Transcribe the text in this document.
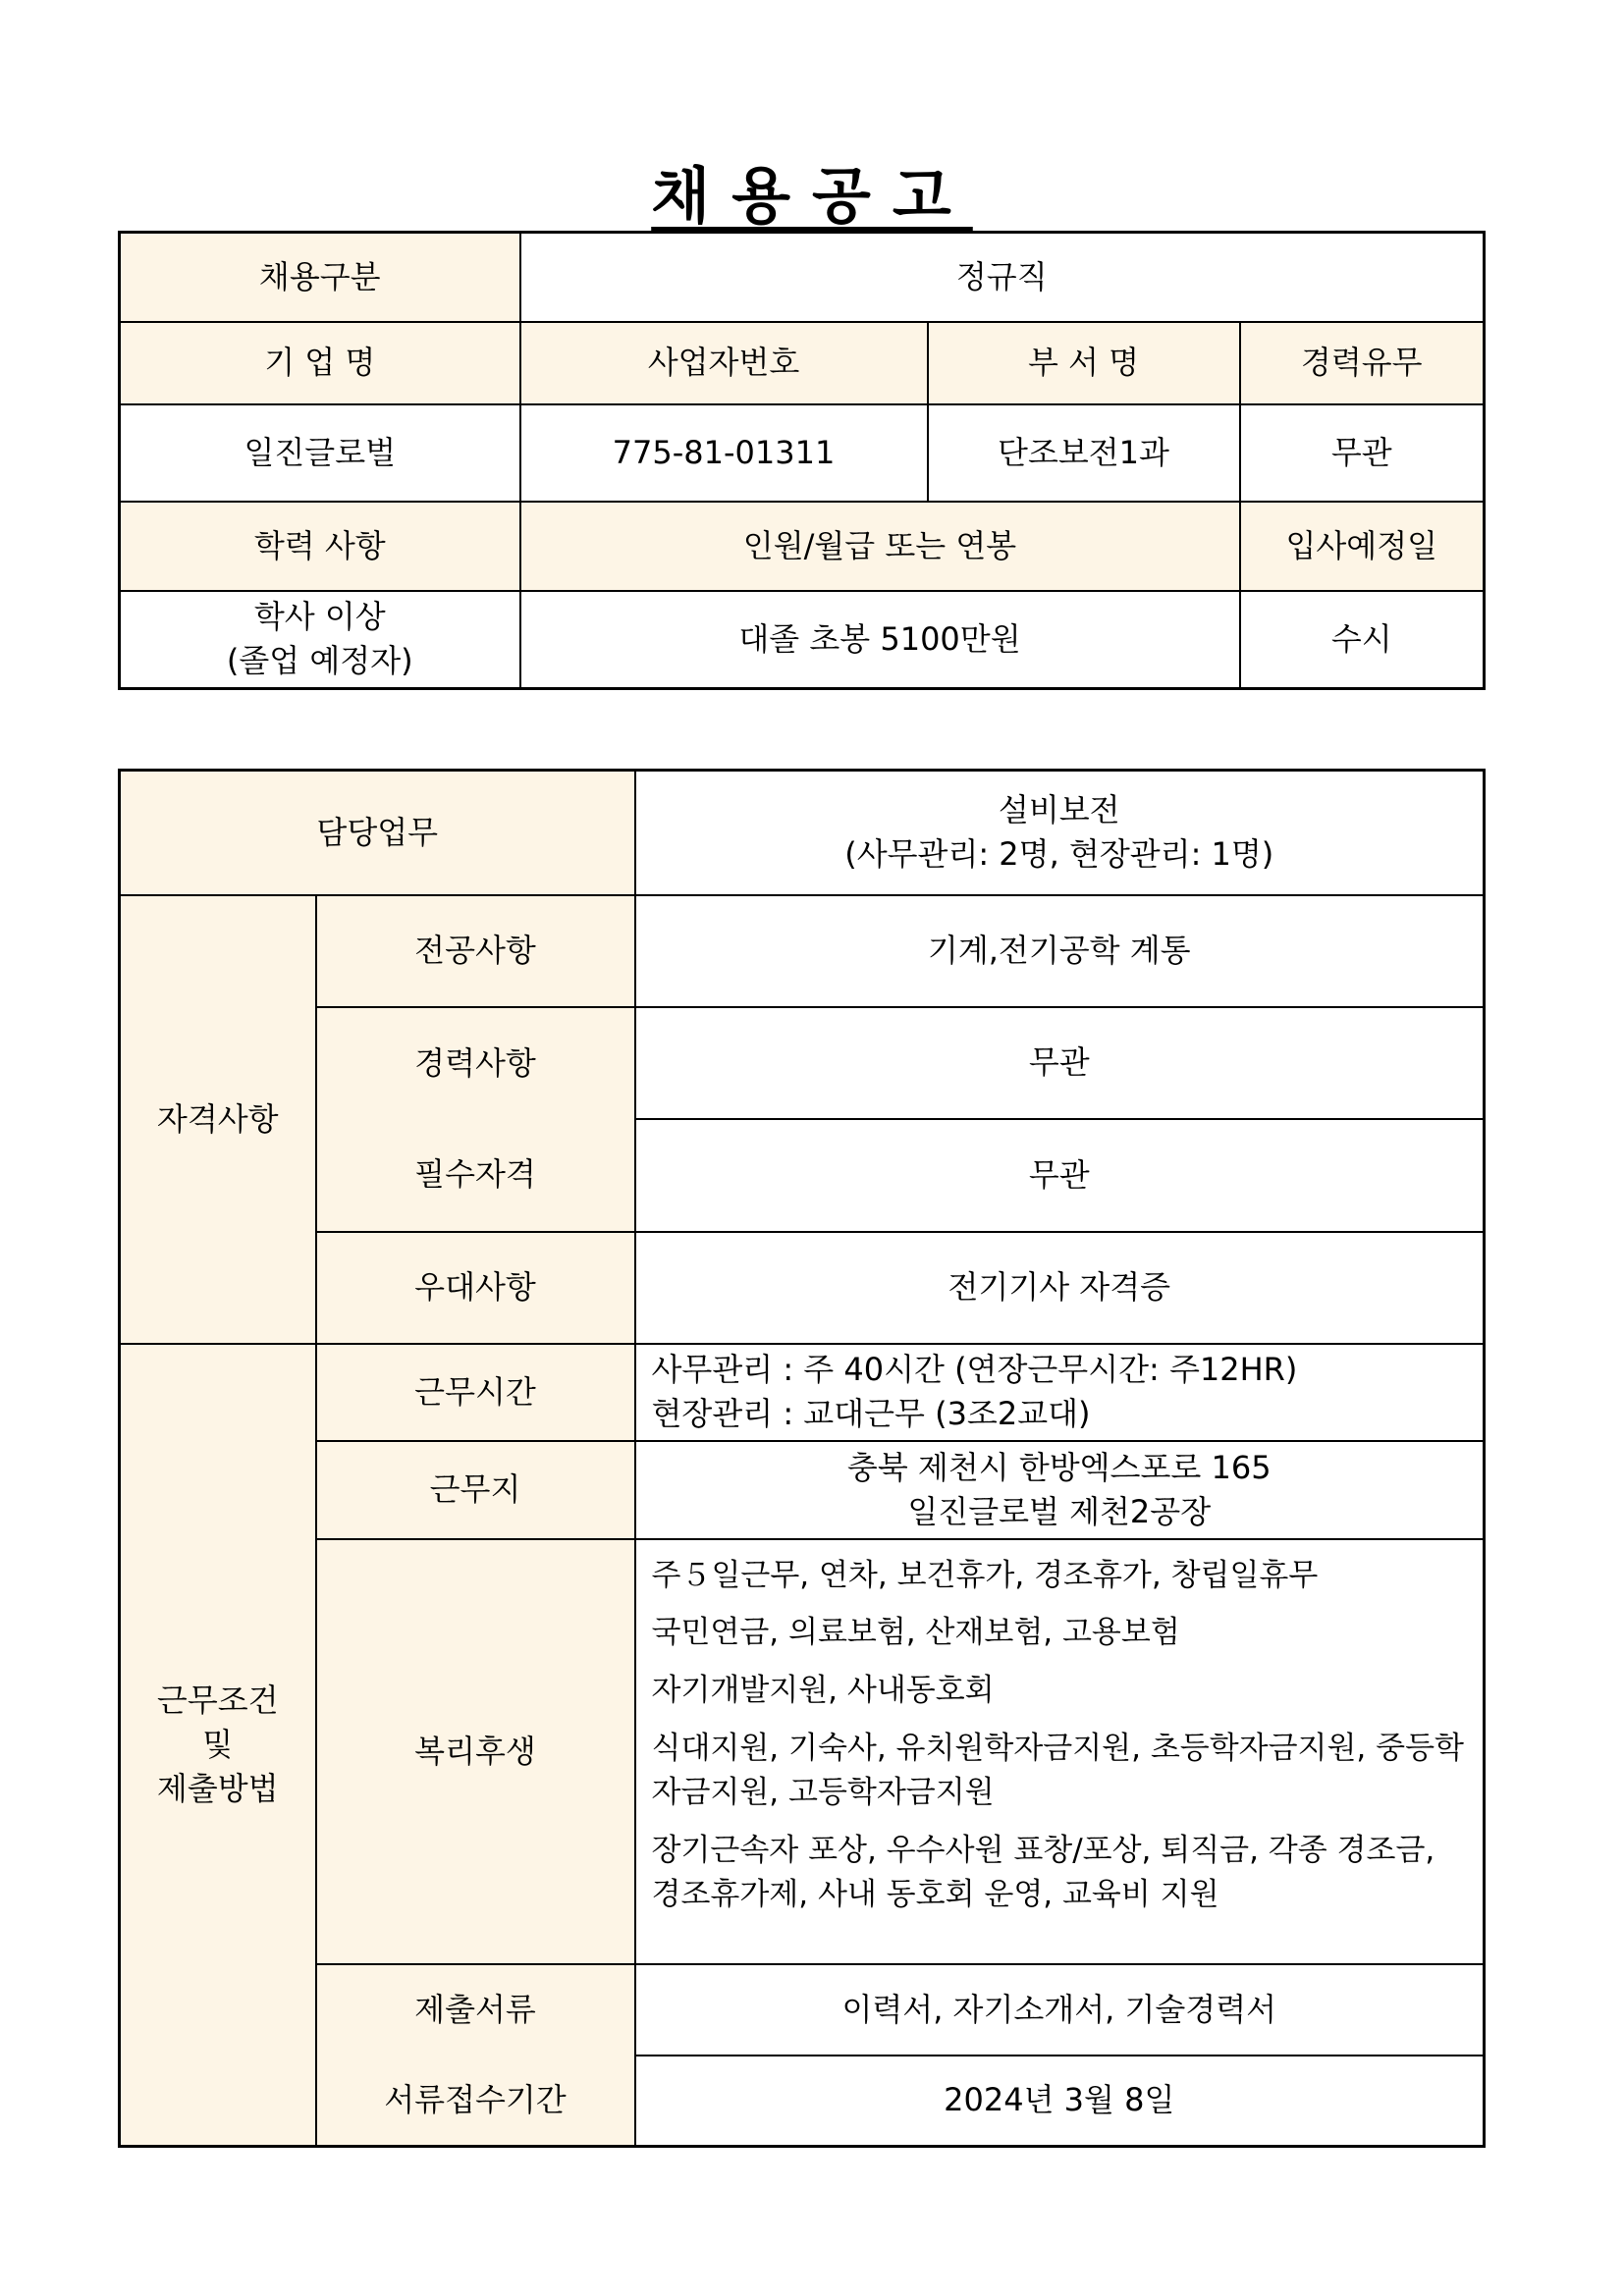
채용공고
채용구분	정규직		
기 업 명	사업자번호	부 서 명	경력유무
일진글로벌	775-81-01311	단조보전1과	무관
학력 사항	인원/월급 또는 연봉		입사예정일

학사 이상
(졸업 예정자)	대졸 초봉 5100만원		수시
담당업무		설비보전
(사무관리: 2명, 현장관리: 1명)

자격사항	전공사항	기계,전기공학 계통
	경력사항	무관
	필수자격	무관
	우대사항	전기기사 자격증

근무조건
및
제출방법	근무시간	사무관리 : 주 40시간 (연장근무시간: 주12HR)
현장관리 : 교대근무 (3조2교대)

	근무지	충북 제천시 한방엑스포로 165
일진글로벌 제천2공장

	복리후생	주５일근무, 연차, 보건휴가, 경조휴가, 창립일휴무
국민연금, 의료보험, 산재보험, 고용보험
자기개발지원, 사내동호회
식대지원, 기숙사, 유치원학자금지원, 초등학자금지원, 중등학자금지원, 고등학자금지원
장기근속자 포상, 우수사원 표창/포상, 퇴직금, 각종 경조금, 경조휴가제, 사내 동호회 운영, 교육비 지원

	제출서류	이력서, 자기소개서, 기술경력서
	서류접수기간	2024년 3월 8일
